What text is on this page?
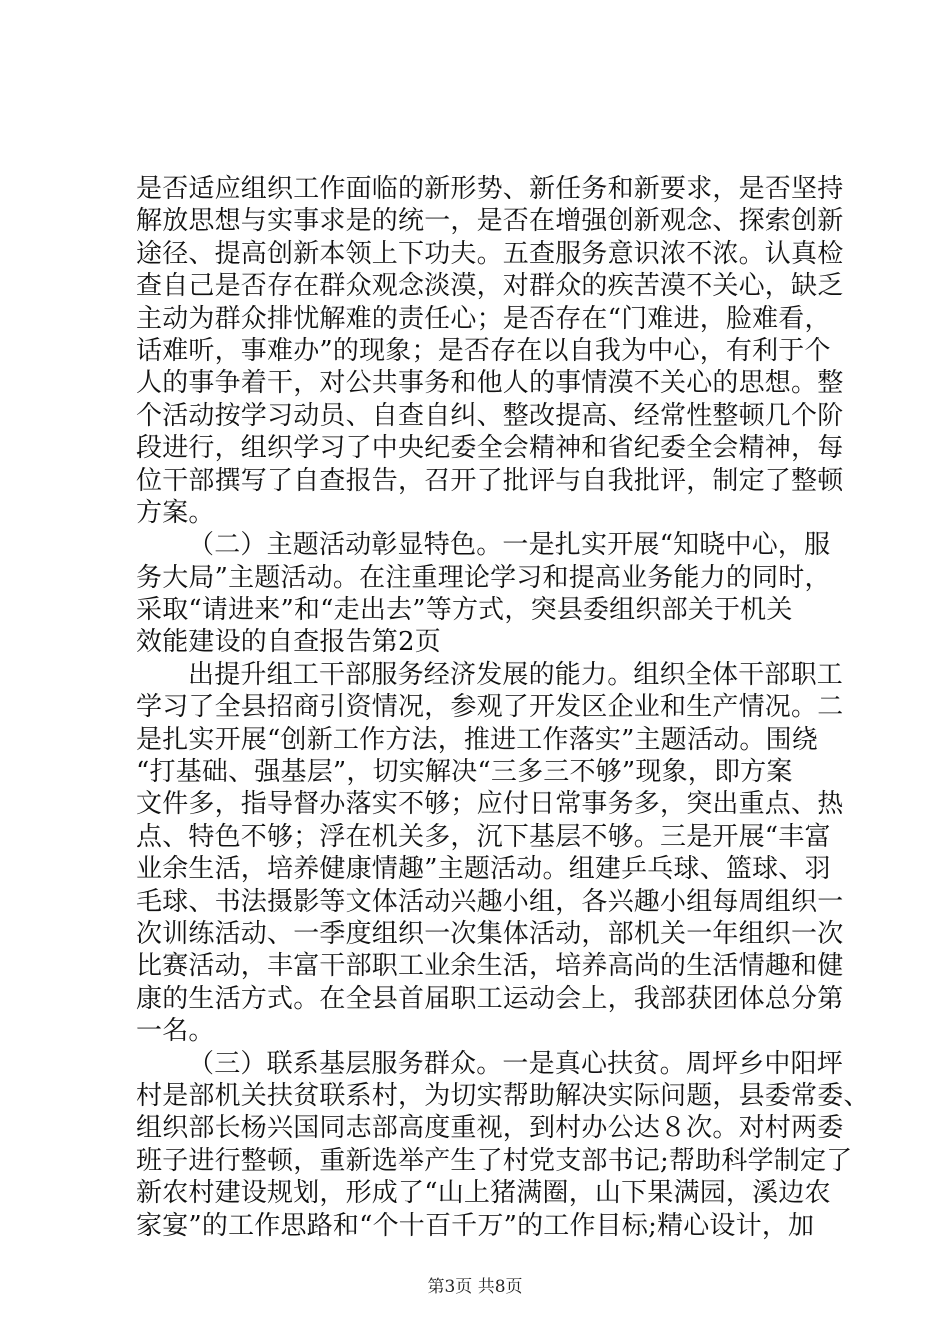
是否适应组织工作面临的新形势、新任务和新要求，是否坚持
解放思想与实事求是的统一，是否在增强创新观念、探索创新
途径、提高创新本领上下功夫。五查服务意识浓不浓。认真检
查自己是否存在群众观念淡漠，对群众的疾苦漠不关心，缺乏
主动为群众排忧解难的责任心；是否存在“门难进，脸难看，
话难听，事难办”的现象；是否存在以自我为中心，有利于个
人的事争着干，对公共事务和他人的事情漠不关心的思想。整
个活动按学习动员、自查自纠、整改提高、经常性整顿几个阶
段进行，组织学习了中央纪委全会精神和省纪委全会精神，每
位干部撰写了自查报告，召开了批评与自我批评，制定了整顿
方案。
（二）主题活动彰显特色。一是扎实开展“知晓中心，服
务大局”主题活动。在注重理论学习和提高业务能力的同时，
采取“请进来”和“走出去”等方式，突县委组织部关于机关
效能建设的自查报告第2页
出提升组工干部服务经济发展的能力。组织全体干部职工
学习了全县招商引资情况，参观了开发区企业和生产情况。二
是扎实开展“创新工作方法，推进工作落实”主题活动。围绕
“打基础、强基层”，切实解决“三多三不够”现象，即方案
文件多，指导督办落实不够；应付日常事务多，突出重点、热
点、特色不够；浮在机关多，沉下基层不够。三是开展“丰富
业余生活，培养健康情趣”主题活动。组建乒乓球、篮球、羽
毛球、书法摄影等文体活动兴趣小组，各兴趣小组每周组织一
次训练活动、一季度组织一次集体活动，部机关一年组织一次
比赛活动，丰富干部职工业余生活，培养高尚的生活情趣和健
康的生活方式。在全县首届职工运动会上，我部获团体总分第
一名。
（三）联系基层服务群众。一是真心扶贫。周坪乡中阳坪
村是部机关扶贫联系村，为切实帮助解决实际问题，县委常委、
组织部长杨兴国同志部高度重视，到村办公达８次。对村两委
班子进行整顿，重新选举产生了村党支部书记;帮助科学制定了
新农村建设规划，形成了“山上猪满圈，山下果满园，溪边农
家宴”的工作思路和“个十百千万”的工作目标;精心设计，加
第3页 共8页
